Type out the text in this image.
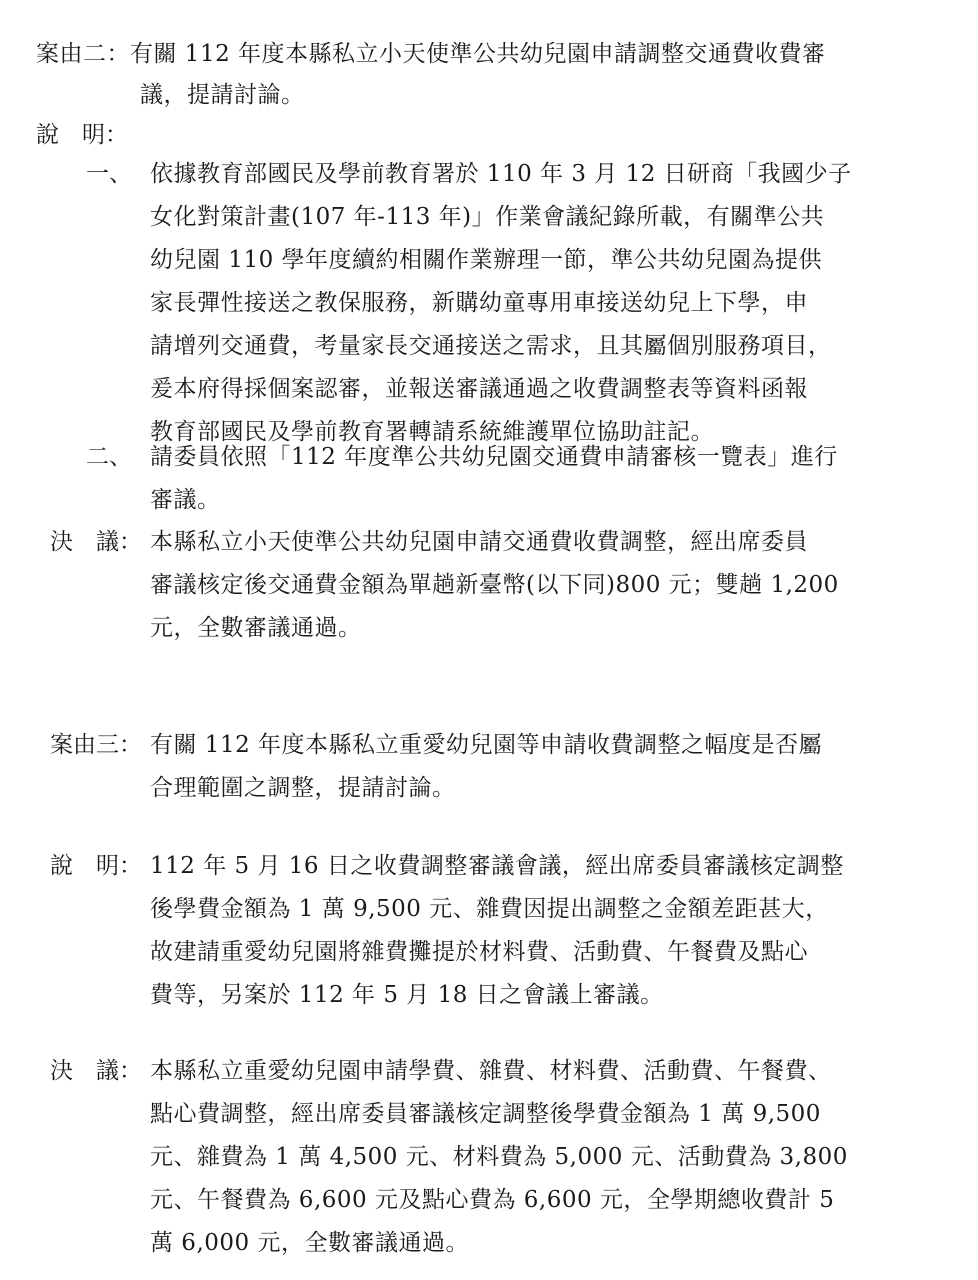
案由二：有關 112 年度本縣私立小天使準公共幼兒園申請調整交通費收費審
議，提請討論。
說　明：
一、 依據教育部國民及學前教育署於 110 年 3 月 12 日研商「我國少子
女化對策計畫(107 年-113 年)」作業會議紀錄所載，有關準公共
幼兒園 110 學年度續約相關作業辦理一節，準公共幼兒園為提供
家長彈性接送之教保服務，新購幼童專用車接送幼兒上下學，申
請增列交通費，考量家長交通接送之需求，且其屬個別服務項目，
爰本府得採個案認審，並報送審議通過之收費調整表等資料函報
教育部國民及學前教育署轉請系統維護單位協助註記。
二、 請委員依照「112 年度準公共幼兒園交通費申請審核一覽表」進行
審議。
決　議： 本縣私立小天使準公共幼兒園申請交通費收費調整，經出席委員
審議核定後交通費金額為單趟新臺幣(以下同)800 元；雙趟 1,200
元，全數審議通過。
案由三： 有關 112 年度本縣私立重愛幼兒園等申請收費調整之幅度是否屬
合理範圍之調整，提請討論。
說　明： 112 年 5 月 16 日之收費調整審議會議，經出席委員審議核定調整
後學費金額為 1 萬 9,500 元、雜費因提出調整之金額差距甚大，
故建請重愛幼兒園將雜費攤提於材料費、活動費、午餐費及點心
費等，另案於 112 年 5 月 18 日之會議上審議。
決　議： 本縣私立重愛幼兒園申請學費、雜費、材料費、活動費、午餐費、
點心費調整，經出席委員審議核定調整後學費金額為 1 萬 9,500
元、雜費為 1 萬 4,500 元、材料費為 5,000 元、活動費為 3,800
元、午餐費為 6,600 元及點心費為 6,600 元，全學期總收費計 5
萬 6,000 元，全數審議通過。
